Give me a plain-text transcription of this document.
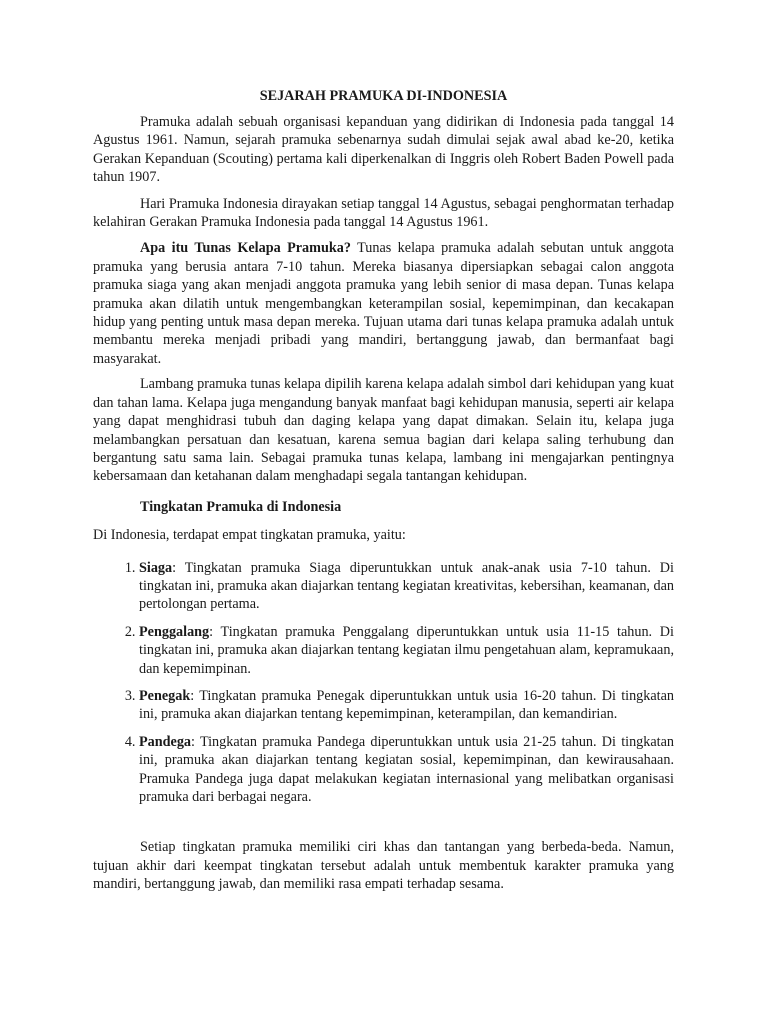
SEJARAH PRAMUKA DI-INDONESIA

Pramuka adalah sebuah organisasi kepanduan yang didirikan di Indonesia pada tanggal 14 Agustus 1961. Namun, sejarah pramuka sebenarnya sudah dimulai sejak awal abad ke-20, ketika Gerakan Kepanduan (Scouting) pertama kali diperkenalkan di Inggris oleh Robert Baden Powell pada tahun 1907.

Hari Pramuka Indonesia dirayakan setiap tanggal 14 Agustus, sebagai penghormatan terhadap kelahiran Gerakan Pramuka Indonesia pada tanggal 14 Agustus 1961.

Apa itu Tunas Kelapa Pramuka? Tunas kelapa pramuka adalah sebutan untuk anggota pramuka yang berusia antara 7-10 tahun. Mereka biasanya dipersiapkan sebagai calon anggota pramuka siaga yang akan menjadi anggota pramuka yang lebih senior di masa depan. Tunas kelapa pramuka akan dilatih untuk mengembangkan keterampilan sosial, kepemimpinan, dan kecakapan hidup yang penting untuk masa depan mereka. Tujuan utama dari tunas kelapa pramuka adalah untuk membantu mereka menjadi pribadi yang mandiri, bertanggung jawab, dan bermanfaat bagi masyarakat.

Lambang pramuka tunas kelapa dipilih karena kelapa adalah simbol dari kehidupan yang kuat dan tahan lama. Kelapa juga mengandung banyak manfaat bagi kehidupan manusia, seperti air kelapa yang dapat menghidrasi tubuh dan daging kelapa yang dapat dimakan. Selain itu, kelapa juga melambangkan persatuan dan kesatuan, karena semua bagian dari kelapa saling terhubung dan bergantung satu sama lain. Sebagai pramuka tunas kelapa, lambang ini mengajarkan pentingnya kebersamaan dan ketahanan dalam menghadapi segala tantangan kehidupan.

Tingkatan Pramuka di Indonesia

Di Indonesia, terdapat empat tingkatan pramuka, yaitu:

1. Siaga: Tingkatan pramuka Siaga diperuntukkan untuk anak-anak usia 7-10 tahun. Di tingkatan ini, pramuka akan diajarkan tentang kegiatan kreativitas, kebersihan, keamanan, dan pertolongan pertama.
2. Penggalang: Tingkatan pramuka Penggalang diperuntukkan untuk usia 11-15 tahun. Di tingkatan ini, pramuka akan diajarkan tentang kegiatan ilmu pengetahuan alam, kepramukaan, dan kepemimpinan.
3. Penegak: Tingkatan pramuka Penegak diperuntukkan untuk usia 16-20 tahun. Di tingkatan ini, pramuka akan diajarkan tentang kepemimpinan, keterampilan, dan kemandirian.
4. Pandega: Tingkatan pramuka Pandega diperuntukkan untuk usia 21-25 tahun. Di tingkatan ini, pramuka akan diajarkan tentang kegiatan sosial, kepemimpinan, dan kewirausahaan. Pramuka Pandega juga dapat melakukan kegiatan internasional yang melibatkan organisasi pramuka dari berbagai negara.

Setiap tingkatan pramuka memiliki ciri khas dan tantangan yang berbeda-beda. Namun, tujuan akhir dari keempat tingkatan tersebut adalah untuk membentuk karakter pramuka yang mandiri, bertanggung jawab, dan memiliki rasa empati terhadap sesama.
